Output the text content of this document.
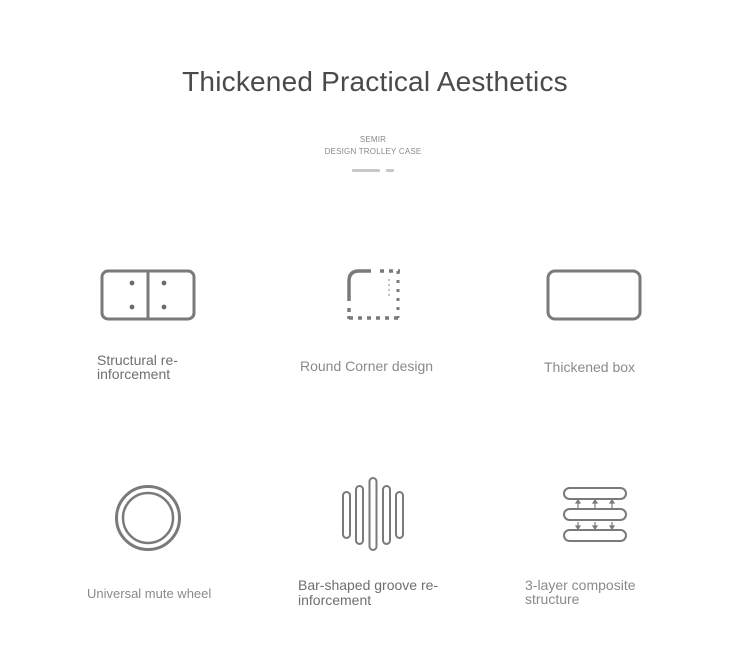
Thickened Practical Aesthetics
SEMIR
DESIGN TROLLEY CASE
Structural re-
inforcement	Round Corner design	Thickened box
Universal mute wheel
Bar-shaped groove re-
inforcement
3-layer composite
structure
